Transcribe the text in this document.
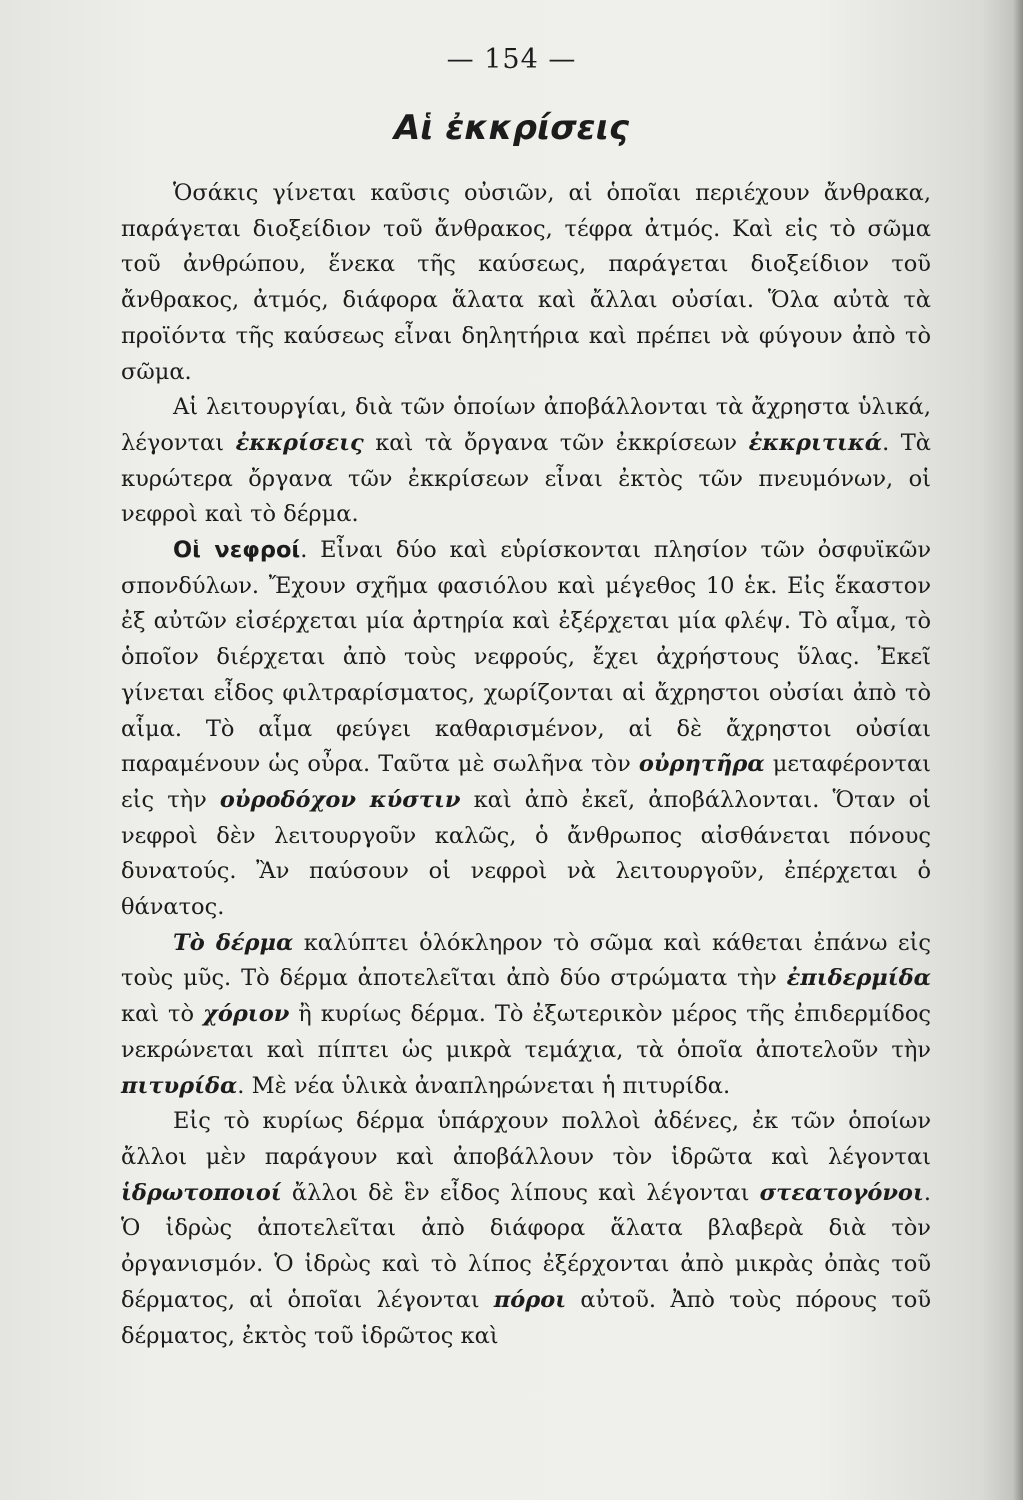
— 154 —
Αἱ ἐκκρίσεις

Ὁσάκις γίνεται καῦσις οὐσιῶν, αἱ ὁποῖαι περιέχουν ἄνθρακα, παράγεται διοξείδιον τοῦ ἄνθρακος, τέφρα ἀτμός. Καὶ εἰς τὸ σῶμα τοῦ ἀνθρώπου, ἕνεκα τῆς καύσεως, παράγεται διοξείδιον τοῦ ἄνθρακος, ἀτμός, διάφορα ἅλατα καὶ ἄλλαι οὐσίαι. Ὅλα αὐτὰ τὰ προϊόντα τῆς καύσεως εἶναι δηλητήρια καὶ πρέπει νὰ φύγουν ἀπὸ τὸ σῶμα.

Αἱ λειτουργίαι, διὰ τῶν ὁποίων ἀποβάλλονται τὰ ἄχρηστα ὑλικά, λέγονται ἐκκρίσεις καὶ τὰ ὄργανα τῶν ἐκκρίσεων ἐκκριτικά. Τὰ κυρώτερα ὄργανα τῶν ἐκκρίσεων εἶναι ἐκτὸς τῶν πνευμόνων, οἱ νεφροὶ καὶ τὸ δέρμα.

Οἱ νεφροί. Εἶναι δύο καὶ εὑρίσκονται πλησίον τῶν ὀσφυϊκῶν σπονδύλων. Ἔχουν σχῆμα φασιόλου καὶ μέγεθος 10 ἑκ. Εἰς ἕκαστον ἐξ αὐτῶν εἰσέρχεται μία ἀρτηρία καὶ ἐξέρχεται μία φλέψ. Τὸ αἷμα, τὸ ὁποῖον διέρχεται ἀπὸ τοὺς νεφρούς, ἔχει ἀχρήστους ὕλας. Ἐκεῖ γίνεται εἶδος φιλτραρίσματος, χωρίζονται αἱ ἄχρηστοι οὐσίαι ἀπὸ τὸ αἷμα. Τὸ αἷμα φεύγει καθαρισμένον, αἱ δὲ ἄχρηστοι οὐσίαι παραμένουν ὡς οὖρα. Ταῦτα μὲ σωλῆνα τὸν οὐρητῆρα μεταφέρονται εἰς τὴν οὐροδόχον κύστιν καὶ ἀπὸ ἐκεῖ, ἀποβάλλονται. Ὅταν οἱ νεφροὶ δὲν λειτουργοῦν καλῶς, ὁ ἄνθρωπος αἰσθάνεται πόνους δυνατούς. Ἂν παύσουν οἱ νεφροὶ νὰ λειτουργοῦν, ἐπέρχεται ὁ θάνατος.

Τὸ δέρμα καλύπτει ὁλόκληρον τὸ σῶμα καὶ κάθεται ἐπάνω εἰς τοὺς μῦς. Τὸ δέρμα ἀποτελεῖται ἀπὸ δύο στρώματα τὴν ἐπιδερμίδα καὶ τὸ χόριον ἢ κυρίως δέρμα. Τὸ ἐξωτερικὸν μέρος τῆς ἐπιδερμίδος νεκρώνεται καὶ πίπτει ὡς μικρὰ τεμάχια, τὰ ὁποῖα ἀποτελοῦν τὴν πιτυρίδα. Μὲ νέα ὑλικὰ ἀναπληρώνεται ἡ πιτυρίδα.

Εἰς τὸ κυρίως δέρμα ὑπάρχουν πολλοὶ ἀδένες, ἐκ τῶν ὁποίων ἄλλοι μὲν παράγουν καὶ ἀποβάλλουν τὸν ἱδρῶτα καὶ λέγονται ἱδρωτοποιοί ἄλλοι δὲ ἓν εἶδος λίπους καὶ λέγονται στεατογόνοι. Ὁ ἱδρὼς ἀποτελεῖται ἀπὸ διάφορα ἅλατα βλαβερὰ διὰ τὸν ὀργανισμόν. Ὁ ἱδρὼς καὶ τὸ λίπος ἐξέρχονται ἀπὸ μικρὰς ὀπὰς τοῦ δέρματος, αἱ ὁποῖαι λέγονται πόροι αὐτοῦ. Ἀπὸ τοὺς πόρους τοῦ δέρματος, ἐκτὸς τοῦ ἱδρῶτος καὶ
